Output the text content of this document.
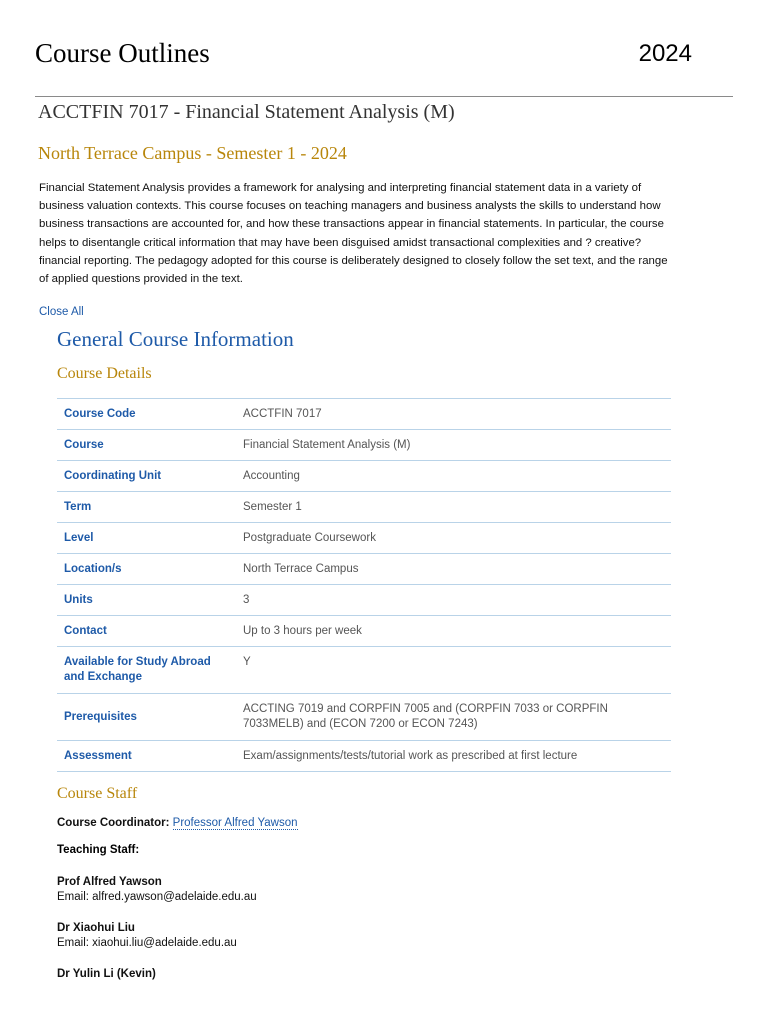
Course Outlines	2024
ACCTFIN 7017 - Financial Statement Analysis (M)
North Terrace Campus - Semester 1 - 2024

Financial Statement Analysis provides a framework for analysing and interpreting financial statement data in a variety of business valuation contexts. This course focuses on teaching managers and business analysts the skills to understand how business transactions are accounted for, and how these transactions appear in financial statements. In particular, the course helps to disentangle critical information that may have been disguised amidst transactional complexities and ? creative? financial reporting. The pedagogy adopted for this course is deliberately designed to closely follow the set text, and the range of applied questions provided in the text.

Close All
General Course Information
Course Details
Course Code	ACCTFIN 7017
Course	Financial Statement Analysis (M)
Coordinating Unit	Accounting
Term	Semester 1
Level	Postgraduate Coursework
Location/s	North Terrace Campus
Units	3
Contact	Up to 3 hours per week
Available for Study Abroad and Exchange	Y
Prerequisites	ACCTING 7019 and CORPFIN 7005 and (CORPFIN 7033 or CORPFIN 7033MELB) and (ECON 7200 or ECON 7243)
Assessment	Exam/assignments/tests/tutorial work as prescribed at first lecture
Course Staff
Course Coordinator: Professor Alfred Yawson
Teaching Staff:
Prof Alfred Yawson
Email: alfred.yawson@adelaide.edu.au
Dr Xiaohui Liu
Email: xiaohui.liu@adelaide.edu.au
Dr Yulin Li (Kevin)
